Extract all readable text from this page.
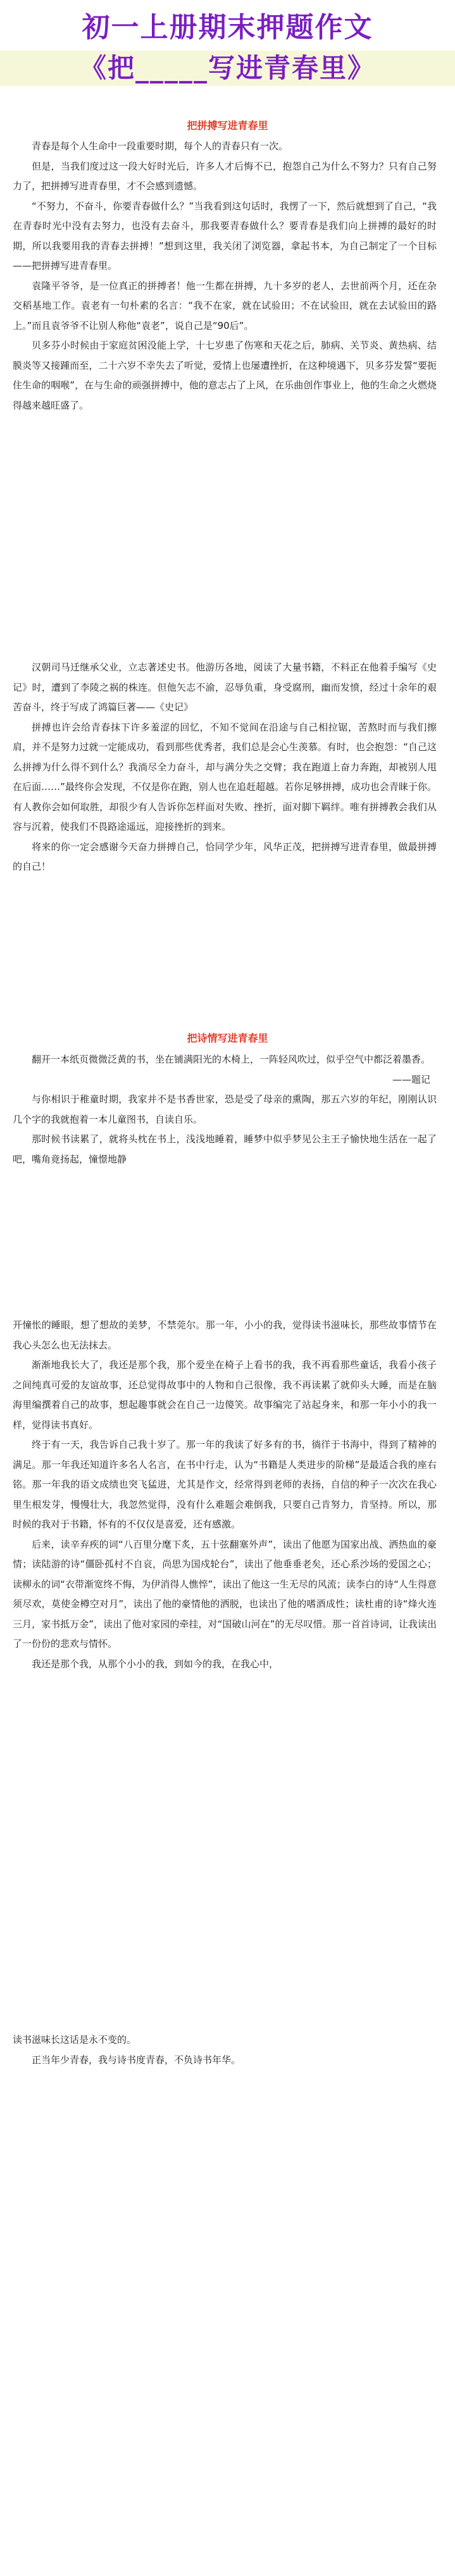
初一上册期末押题作文
《把_____写进青春里》
把拼搏写进青春里

青春是每个人生命中一段重要时期，每个人的青春只有一次。

但是，当我们度过这一段大好时光后，许多人才后悔不已，抱怨自己为什么不努力？只有自己努力了，把拼搏写进青春里，才不会感到遗憾。

“不努力，不奋斗，你要青春做什么？”当我看到这句话时，我愣了一下，然后就想到了自己，“我在青春时光中没有去努力，也没有去奋斗，那我要青春做什么？要青春是我们向上拼搏的最好的时期，所以我要用我的青春去拼搏！”想到这里，我关闭了浏览器，拿起书本，为自己制定了一个目标——把拼搏写进青春里。

袁隆平爷爷，是一位真正的拼搏者！他一生都在拼搏，九十多岁的老人，去世前两个月，还在杂交稻基地工作。袁老有一句朴素的名言：“我不在家，就在试验田；不在试验田，就在去试验田的路上。”而且袁爷爷不让别人称他“袁老”，说自己是“90后”。

贝多芬小时候由于家庭贫困没能上学，十七岁患了伤寒和天花之后，肺病、关节炎、黄热病、结膜炎等又接踵而至，二十六岁不幸失去了听觉，爱情上也屡遭挫折，在这种境遇下，贝多芬发誓“要扼住生命的咽喉”，在与生命的顽强拼搏中，他的意志占了上风，在乐曲创作事业上，他的生命之火燃烧得越来越旺盛了。

汉朝司马迁继承父业，立志著述史书。他游历各地，阅读了大量书籍，不料正在他着手编写《史记》时，遭到了李陵之祸的株连。但他矢志不渝，忍辱负重，身受腐刑，幽而发愤，经过十余年的艰苦奋斗，终于写成了鸿篇巨著——《史记》

拼搏也许会给青春抹下许多羞涩的回忆，不知不觉间在沿途与自己相拉锯，苦熬时而与我们擦肩，并不是努力过就一定能成功，看到那些优秀者，我们总是会心生羡慕。有时，也会抱怨：“自己这么拼搏为什么得不到什么？我淌尽全力奋斗，却与满分失之交臂；我在跑道上奋力奔跑，却被别人甩在后面……”最终你会发现，不仅是你在跑，别人也在追赶超越。若你足够拼搏，成功也会青睐于你。有人教你会如何取胜，却很少有人告诉你怎样面对失败、挫折，面对脚下羁绊。唯有拼搏教会我们从容与沉着，使我们不畏路途遥远，迎接挫折的到来。

将来的你一定会感谢今天奋力拼搏自己，恰同学少年，风华正茂，把拼搏写进青春里，做最拼搏的自己！

把诗情写进青春里

翻开一本纸页微微泛黄的书，坐在铺满阳光的木椅上，一阵轻风吹过，似乎空气中都泛着墨香。

——题记

与你相识于稚童时期，我家并不是书香世家，恐是受了母亲的熏陶，那五六岁的年纪，刚刚认识几个字的我就抱着一本儿童图书，自读自乐。

那时候书读累了，就将头枕在书上，浅浅地睡着，睡梦中似乎梦见公主王子愉快地生活在一起了吧，嘴角竟扬起，憧憬地静

开憧怅的睡眼，想了想故的美梦，不禁莞尔。那一年，小小的我，觉得读书滋味长，那些故事情节在我心头怎么也无法抹去。

渐渐地我长大了，我还是那个我，那个爱坐在椅子上看书的我，我不再看那些童话，我看小孩子之间纯真可爱的友谊故事，还总觉得故事中的人物和自己很像，我不再读累了就仰头大睡，而是在脑海里编撰着自己的故事，想起趣事就会在自己一边傻笑。故事编完了站起身来，和那一年小小的我一样，觉得读书真好。

终于有一天，我告诉自己我十岁了。那一年的我读了好多有的书，徜徉于书海中，得到了精神的满足。那一年我还知道许多名人名言，在书中行走，认为“书籍是人类进步的阶梯”是最适合我的座右铭。那一年我的语文成绩也突飞猛进，尤其是作文，经常得到老师的表扬，自信的种子一次次在我心里生根发芽，慢慢壮大，我忽然觉得，没有什么难题会难倒我，只要自己肯努力，肯坚持。所以，那时候的我对于书籍，怀有的不仅仅是喜爱，还有感激。

后来，读辛弃疾的词“八百里分麾下炙，五十弦翻塞外声”，读出了他愿为国家出战、洒热血的豪情；读陆游的诗“僵卧孤村不自哀，尚思为国戍轮台”，读出了他垂垂老矣，还心系沙场的爱国之心；读柳永的词“衣带渐宽终不悔，为伊消得人憔悴”，读出了他这一生无尽的风流；读李白的诗“人生得意须尽欢，莫使金樽空对月”，读出了他的豪情他的洒脱，也读出了他的嗜酒成性；读杜甫的诗“烽火连三月，家书抵万金”，读出了他对家园的牵挂，对“国破山河在”的无尽叹惜。那一首首诗词，让我读出了一份份的悲欢与情怀。

我还是那个我，从那个小小的我，到如今的我，在我心中，

读书滋味长这话是永不变的。

正当年少青春，我与诗书度青春，不负诗书年华。
